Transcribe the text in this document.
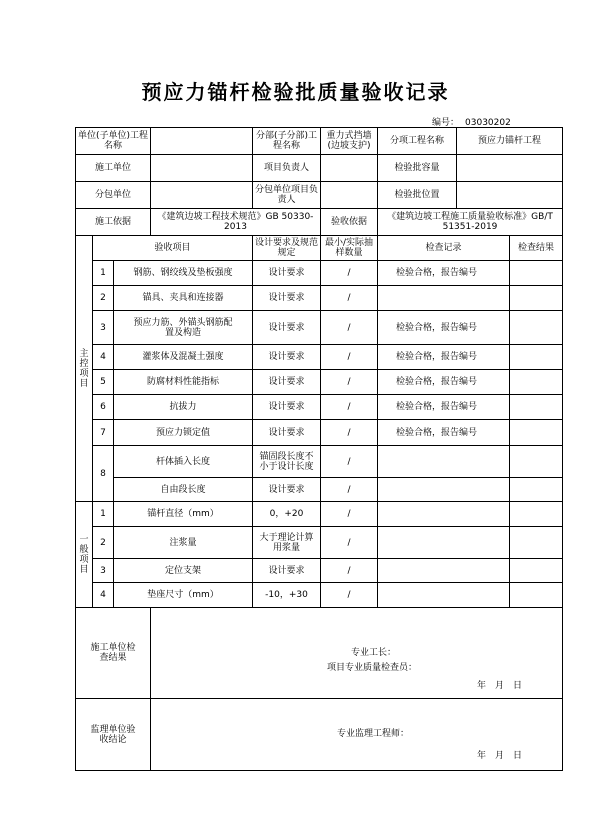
预应力锚杆检验批质量验收记录
编号： 03030202
单位(子单位)工程名称				分部(子分部)工程名称	重力式挡墙(边坡支护)	分项工程名称	预应力锚杆工程	
施工单位				项目负责人		检验批容量		
分包单位				分包单位项目负责人		检验批位置		
施工依据			《建筑边坡工程技术规范》GB 50330-2013		验收依据	《建筑边坡工程施工质量验收标准》GB/T 51351-2019		
主控项目	验收项目			设计要求及规范规定	最小/实际抽样数量	检查记录		检查结果
	1	钢筋、钢绞线及垫板强度		设计要求	/	检验合格，报告编号		
	2	锚具、夹具和连接器		设计要求	/			
	3	预应力筋、外锚头钢筋配置及构造		设计要求	/	检验合格，报告编号		
	4	灌浆体及混凝土强度		设计要求	/	检验合格，报告编号		
	5	防腐材料性能指标		设计要求	/	检验合格，报告编号		
	6	抗拔力		设计要求	/	检验合格，报告编号		
	7	预应力锁定值		设计要求	/	检验合格，报告编号		
	8	杆体插入长度		锚固段长度不小于设计长度	/			
		自由段长度		设计要求	/			
一般项目	1	锚杆直径（mm）		0，+20	/			
	2	注浆量		大于理论计算用浆量	/			
	3	定位支架		设计要求	/			
	4	垫座尺寸（mm）		-10，+30	/			
施工单位检查结果			专业工长：
项目专业质量检查员：
年　月　日					

监理单位验收结论			专业监理工程师：
年　月　日					
